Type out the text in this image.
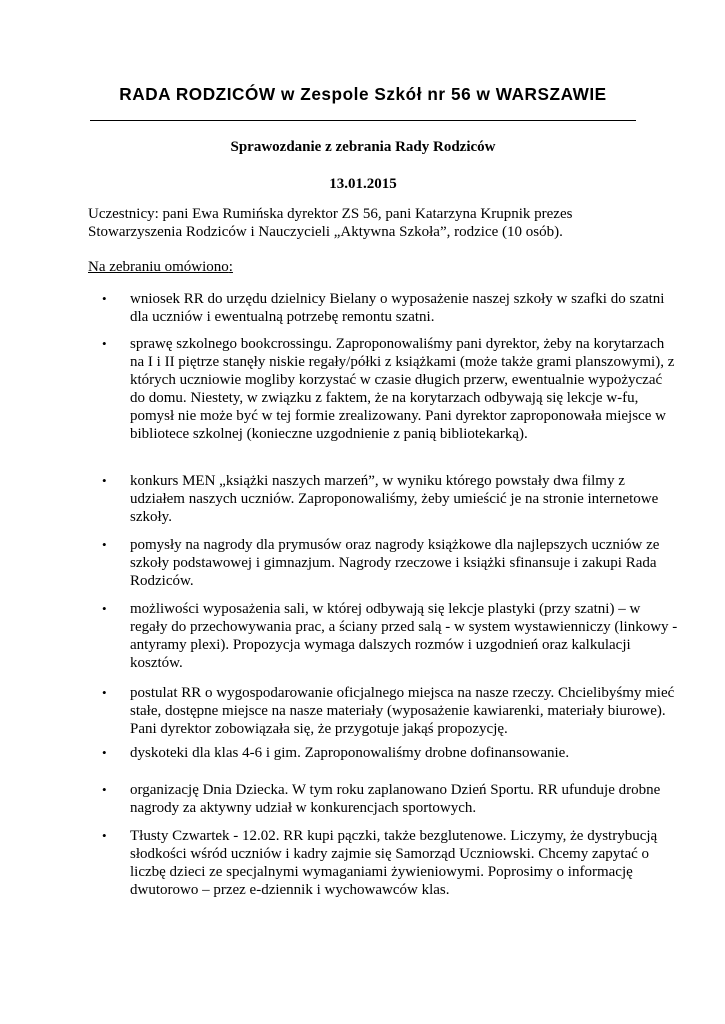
RADA RODZICÓW w Zespole Szkół nr 56 w WARSZAWIE
Sprawozdanie z zebrania Rady Rodziców
13.01.2015

Uczestnicy: pani Ewa Rumińska dyrektor ZS 56, pani Katarzyna Krupnik prezes Stowarzyszenia Rodziców i Nauczycieli „Aktywna Szkoła”, rodzice (10 osób).

Na zebraniu omówiono:

• wniosek RR do urzędu dzielnicy Bielany o wyposażenie naszej szkoły w szafki do szatni dla uczniów i ewentualną potrzebę remontu szatni.
• sprawę szkolnego bookcrossingu. Zaproponowaliśmy pani dyrektor, żeby na korytarzach na I i II piętrze stanęły niskie regały/półki z książkami (może także grami planszowymi), z których uczniowie mogliby korzystać w czasie długich przerw, ewentualnie wypożyczać do domu. Niestety, w związku z faktem, że na korytarzach odbywają się lekcje w-fu, pomysł nie może być w tej formie zrealizowany. Pani dyrektor zaproponowała miejsce w bibliotece szkolnej (konieczne uzgodnienie z panią bibliotekarką).
• konkurs MEN „książki naszych marzeń”, w wyniku którego powstały dwa filmy z udziałem naszych uczniów. Zaproponowaliśmy, żeby umieścić je na stronie internetowe szkoły.
• pomysły na nagrody dla prymusów oraz nagrody książkowe dla najlepszych uczniów ze szkoły podstawowej i gimnazjum. Nagrody rzeczowe i książki sfinansuje i zakupi Rada Rodziców.
• możliwości wyposażenia sali, w której odbywają się lekcje plastyki (przy szatni) – w regały do przechowywania prac, a ściany przed salą - w system wystawienniczy (linkowy - antyramy plexi). Propozycja wymaga dalszych rozmów i uzgodnień oraz kalkulacji kosztów.
• postulat RR o wygospodarowanie oficjalnego miejsca na nasze rzeczy. Chcielibyśmy mieć stałe, dostępne miejsce na nasze materiały (wyposażenie kawiarenki, materiały biurowe). Pani dyrektor zobowiązała się, że przygotuje jakąś propozycję.
• dyskoteki dla klas 4-6 i gim. Zaproponowaliśmy drobne dofinansowanie.
• organizację Dnia Dziecka. W tym roku zaplanowano Dzień Sportu. RR ufunduje drobne nagrody za aktywny udział w konkurencjach sportowych.
• Tłusty Czwartek - 12.02. RR kupi pączki, także bezglutenowe. Liczymy, że dystrybucją słodkości wśród uczniów i kadry zajmie się Samorząd Uczniowski. Chcemy zapytać o liczbę dzieci ze specjalnymi wymaganiami żywieniowymi. Poprosimy o informację dwutorowo – przez e-dziennik i wychowawców klas.
